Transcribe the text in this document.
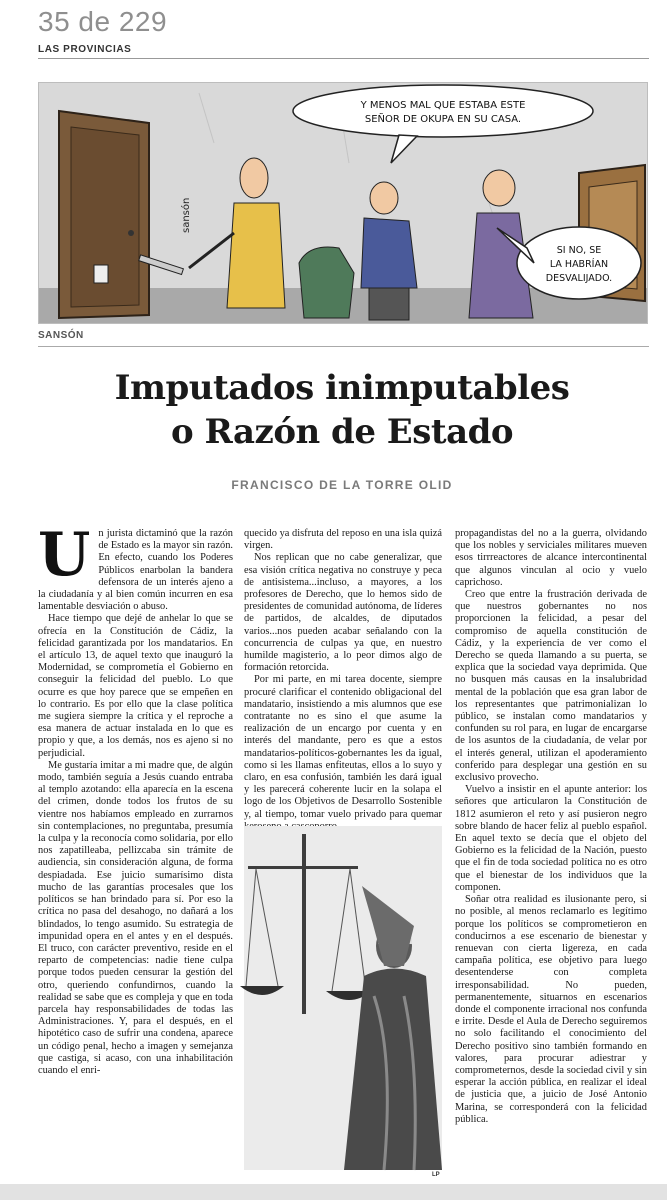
35 de 229
LAS PROVINCIAS
sansón
Y MENOS MAL QUE ESTABA ESTE
SEÑOR DE OKUPA EN SU CASA.
SI NO, SE
LA HABRÍAN
DESVALIJADO.
SANSÓN
Imputados inimputables
o Razón de Estado
FRANCISCO DE LA TORRE OLID
U n jurista dictaminó que la razón de Estado es la mayor sin razón. En efecto, cuando los Poderes Públicos enarbolan la bandera defensora de un interés ajeno a la ciudadanía y al bien común incurren en esa lamentable desviación o abuso.

Hace tiempo que dejé de anhelar lo que se ofrecía en la Constitución de Cádiz, la felicidad garantizada por los mandatarios. En el artículo 13, de aquel texto que inauguró la Modernidad, se comprometía el Gobierno en conseguir la felicidad del pueblo. Lo que ocurre es que hoy parece que se empeñen en lo contrario. Es por ello que la clase política me sugiera siempre la crítica y el reproche a esa manera de actuar instalada en lo que es propio y que, a los demás, nos es ajeno si no perjudicial.

Me gustaría imitar a mi madre que, de algún modo, también seguía a Jesús cuando entraba al templo azotando: ella aparecía en la escena del crimen, donde todos los frutos de su vientre nos habíamos empleado en zurrarnos sin contemplaciones, no preguntaba, presumía la culpa y la reconocía como solidaria, por ello nos zapatilleaba, pellizcaba sin trámite de audiencia, sin consideración alguna, de forma despiadada. Ese juicio sumarísimo dista mucho de las garantías procesales que los políticos se han brindado para sí. Por eso la crítica no pasa del desahogo, no dañará a los blindados, lo tengo asumido. Su estrategia de impunidad opera en el antes y en el después. El truco, con carácter preventivo, reside en el reparto de competencias: nadie tiene culpa porque todos pueden censurar la gestión del otro, queriendo confundirnos, cuando la realidad se sabe que es compleja y que en toda parcela hay responsabilidades de todas las Administraciones. Y, para el después, en el hipotético caso de sufrir una condena, aparece un código penal, hecho a imagen y semejanza que castiga, si acaso, con una inhabilitación cuando el enri-

quecido ya disfruta del reposo en una isla quizá virgen.

Nos replican que no cabe generalizar, que esa visión crítica negativa no construye y peca de antisistema...incluso, a mayores, a los profesores de Derecho, que lo hemos sido de presidentes de comunidad autónoma, de líderes de partidos, de alcaldes, de diputados varios...nos pueden acabar señalando con la concurrencia de culpas ya que, en nuestro humilde magisterio, a lo peor dimos algo de formación retorcida.

Por mi parte, en mi tarea docente, siempre procuré clarificar el contenido obligacional del mandatario, insistiendo a mis alumnos que ese contratante no es sino el que asume la realización de un encargo por cuenta y en interés del mandante, pero es que a estos mandatarios-políticos-gobernantes les da igual, como si les llamas enfiteutas, ellos a lo suyo y claro, en esa confusión, también les dará igual y les parecerá coherente lucir en la solapa el logo de los Objetivos de Desarrollo Sostenible y, al tiempo, tomar vuelo privado para quemar

LP

propagandistas del no a la guerra, olvidando que los nobles y serviciales militares mueven esos tirrreactores de alcance intercontinental que algunos vinculan al ocio y vuelo caprichoso.

Creo que entre la frustración derivada de que nuestros gobernantes no nos proporcionen la felicidad, a pesar del compromiso de aquella constitución de Cádiz, y la experiencia de ver como el Derecho se queda llamando a su puerta, se explica que la sociedad vaya deprimida. Que no busquen más causas en la insalubridad mental de la población que esa gran labor de los representantes que patrimonializan lo público, se instalan como mandatarios y confunden su rol para, en lugar de encargarse de los asuntos de la ciudadanía, de velar por el interés general, utilizan el apoderamiento conferido para desplegar una gestión en su exclusivo provecho.

Vuelvo a insistir en el apunte anterior: los señores que articularon la Constitución de 1812 asumieron el reto y así pusieron negro sobre blando de hacer feliz al pueblo español. En aquel texto se decía que el objeto del Gobierno es la felicidad de la Nación, puesto que el fin de toda sociedad política no es otro que el bienestar de los individuos que la componen.

Soñar otra realidad es ilusionante pero, si no posible, al menos reclamarlo es legítimo porque los políticos se comprometieron en conducirnos a ese escenario de bienestar y renuevan con cierta ligereza, en cada campaña política, ese objetivo para luego desentenderse con completa irresponsabilidad. No pueden, permanentemente, situarnos en escenarios donde el componente irracional nos confunda e irrite. Desde el Aula de Derecho seguiremos no solo facilitando el conocimiento del Derecho positivo sino también formando en valores, para procurar adiestrar y comprometernos, desde la sociedad civil y sin esperar la acción pública, en realizar el ideal de justicia que, a juicio de José Antonio Marina, se corresponderá con la felicidad pública.
